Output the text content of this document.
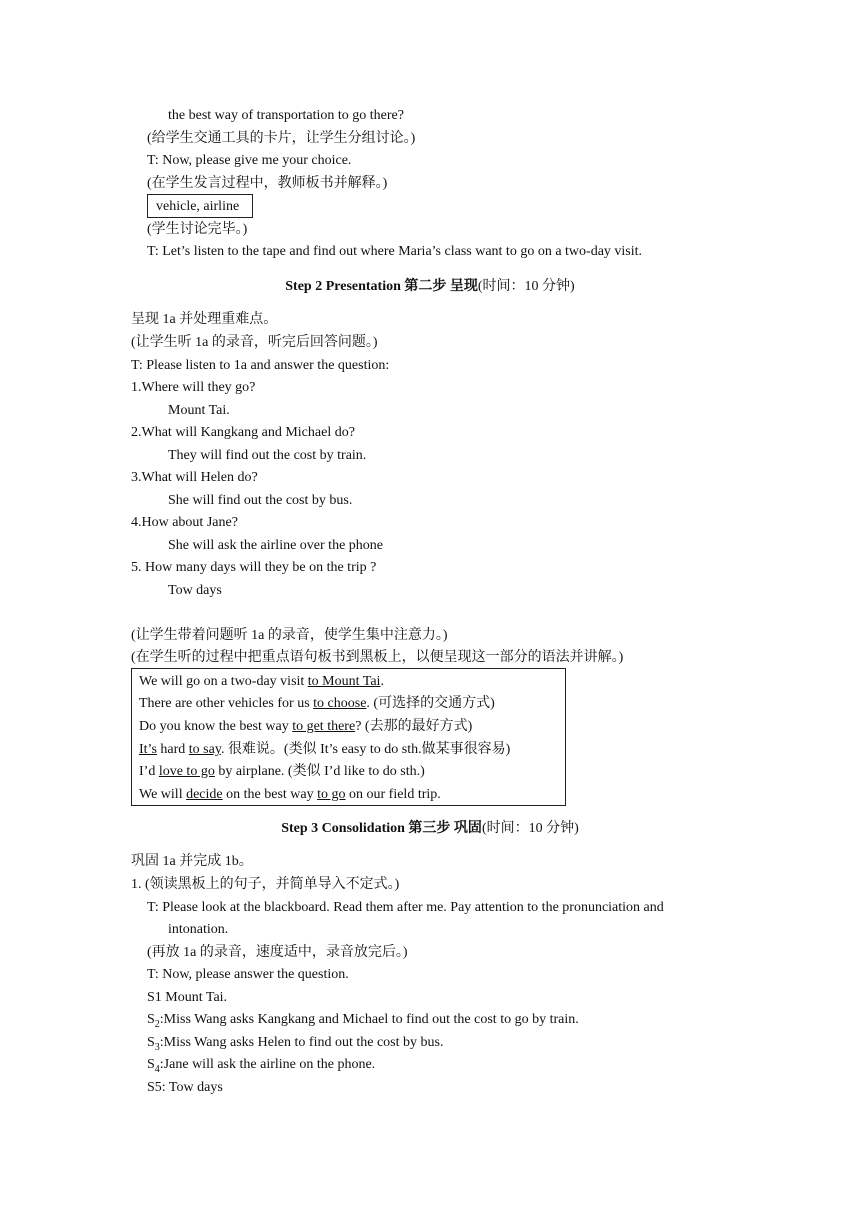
the best way of transportation to go there?
(给学生交通工具的卡片，让学生分组讨论。)
T: Now, please give me your choice.
(在学生发言过程中，教师板书并解释。)
vehicle, airline
(学生讨论完毕。)
T: Let’s listen to the tape and find out where Maria’s class want to go on a two-day visit.
Step 2 Presentation 第二步 呈现(时间：10 分钟)
呈现 1a 并处理重难点。
(让学生听 1a 的录音，听完后回答问题。)
T: Please listen to 1a and answer the question:
1.Where will they go?
Mount Tai.
2.What will Kangkang and Michael do?
They will find out the cost by train.
3.What will Helen do?
She will find out the cost by bus.
4.How about Jane?
She will ask the airline over the phone
5. How many days will they be on the trip ?
Tow days
(让学生带着问题听 1a 的录音，使学生集中注意力。)
(在学生听的过程中把重点语句板书到黑板上，以便呈现这一部分的语法并讲解。)
We will go on a two-day visit to Mount Tai.
There are other vehicles for us to choose. (可选择的交通方式)
Do you know the best way to get there? (去那的最好方式)
It’s hard to say. 很难说。(类似 It’s easy to do sth.做某事很容易)
I’d love to go by airplane. (类似 I’d like to do sth.)
We will decide on the best way to go on our field trip.
Step 3 Consolidation 第三步 巩固(时间：10 分钟)
巩固 1a 并完成 1b。
1. (领读黑板上的句子，并简单导入不定式。)
T: Please look at the blackboard. Read them after me. Pay attention to the pronunciation and
intonation.
(再放 1a 的录音，速度适中，录音放完后。)
T: Now, please answer the question.
S1 Mount Tai.
$S_2:Miss$ Wang asks Kangkang and Michael to find out the cost to go by train.
$S_3:Miss$ Wang asks Helen to find out the cost by bus.
$S_4:Jane$ will ask the airline on the phone.
S5: Tow days
